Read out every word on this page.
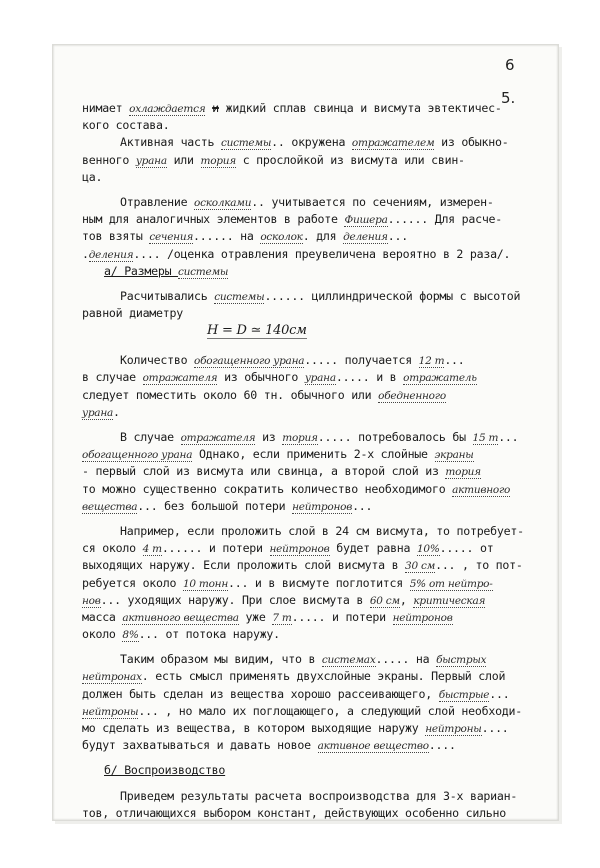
6
5.
нимает охлаждается и жидкий сплав свинца и висмута эвтектичес-
кого состава.
Активная часть системы.. окружена отражателем из обыкно-
венного урана или тория с прослойкой из висмута или свин-
ца.
Отравление осколками.. учитывается по сечениям, измерен-
ным для аналогичных элементов в работе Фишера...... Для расче-
тов взяты сечения...... на осколок. для деления...
.деления.... /оценка отравления преувеличена вероятно в 2 раза/.
а/ Размеры системы
Расчитывались системы...... циллиндрической формы с высотой
равной диаметру
H = D ≃ 140см
Количество обогащенного урана..... получается 12 т...
в случае отражателя из обычного урана..... и в отражатель
следует поместить около 60 тн. обычного или обедненного
урана.
В случае отражателя из тория..... потребовалось бы 15 т...
обогащенного урана Однако, если применить 2-х слойные экраны
- первый слой из висмута или свинца, а второй слой из тория
то можно существенно сократить количество необходимого активного
вещества... без большой потери нейтронов...
Например, если проложить слой в 24 см висмута, то потребует-
ся около 4 т...... и потери нейтронов будет равна 10%..... от
выходящих наружу. Если проложить слой висмута в 30 см... , то пот-
ребуется около 10 тонн... и в висмуте поглотится 5% от нейтро-
нов... уходящих наружу. При слое висмута в 60 см, критическая
масса активного вещества уже 7 т..... и потери нейтронов
около 8%... от потока наружу.
Таким образом мы видим, что в системах..... на быстрых
нейтронах. есть смысл применять двухслойные экраны. Первый слой
должен быть сделан из вещества хорошо рассеивающего, быстрые...
нейтроны... , но мало их поглощающего, а следующий слой необходи-
мо сделать из вещества, в котором выходящие наружу нейтроны....
будут захватываться и давать новое активное вещество....
б/ Воспроизводство
Приведем результаты расчета воспроизводства для 3-х вариан-
тов, отличающихся выбором констант, действующих особенно сильно
